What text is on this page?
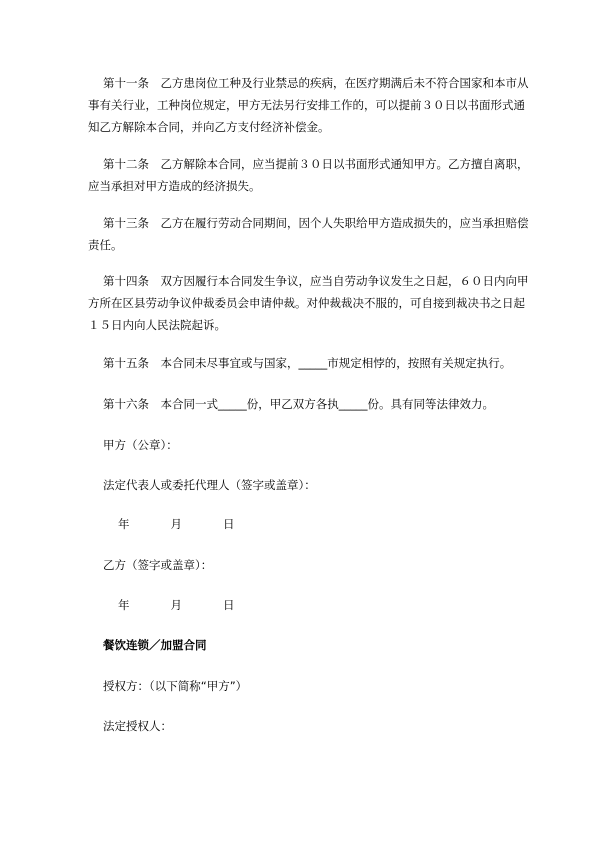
第十一条　乙方患岗位工种及行业禁忌的疾病，在医疗期满后未不符合国家和本市从事有关行业，工种岗位规定，甲方无法另行安排工作的，可以提前３０日以书面形式通知乙方解除本合同，并向乙方支付经济补偿金。

第十二条　乙方解除本合同，应当提前３０日以书面形式通知甲方。乙方擅自离职，应当承担对甲方造成的经济损失。

第十三条　乙方在履行劳动合同期间，因个人失职给甲方造成损失的，应当承担赔偿责任。

第十四条　双方因履行本合同发生争议，应当自劳动争议发生之日起，６０日内向甲方所在区县劳动争议仲裁委员会申请仲裁。对仲裁裁决不服的，可自接到裁决书之日起１５日内向人民法院起诉。

第十五条　本合同未尽事宜或与国家，_____市规定相悖的，按照有关规定执行。

第十六条　本合同一式_____份，甲乙双方各执_____份。具有同等法律效力。

甲方（公章）：

法定代表人或委托代理人（签字或盖章）：

年	月	日

乙方（签字或盖章）：

年	月	日

餐饮连锁／加盟合同

授权方：（以下简称“甲方”）

法定授权人：
